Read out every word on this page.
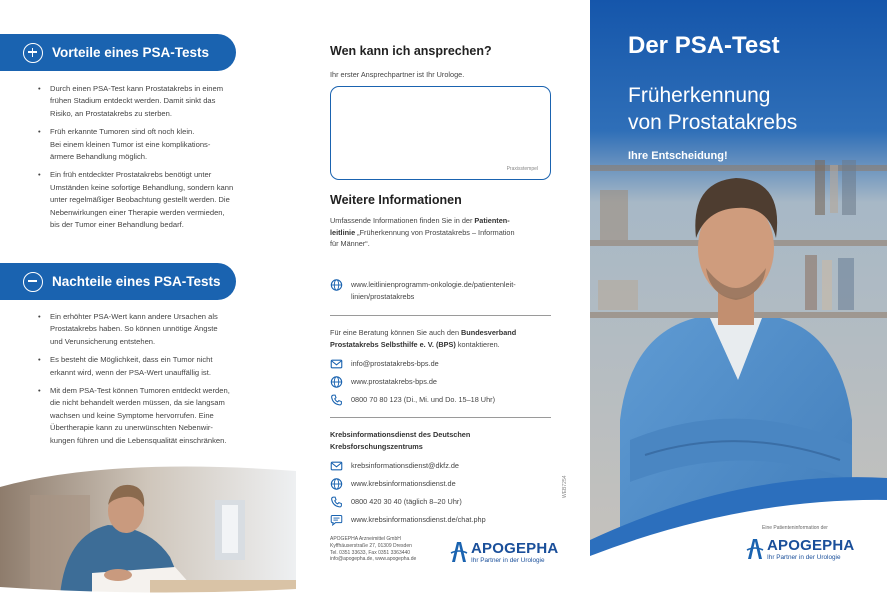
Vorteile eines PSA-Tests
• Durch einen PSA-Test kann Prostatakrebs in einem
frühen Stadium entdeckt werden. Damit sinkt das
Risiko, an Prostatakrebs zu sterben.
• Früh erkannte Tumoren sind oft noch klein.
Bei einem kleinen Tumor ist eine komplikations-
ärmere Behandlung möglich.
• Ein früh entdeckter Prostatakrebs benötigt unter
Umständen keine sofortige Behandlung, sondern kann
unter regelmäßiger Beobachtung gestellt werden. Die
Nebenwirkungen einer Therapie werden vermieden,
bis der Tumor einer Behandlung bedarf.
Nachteile eines PSA-Tests
• Ein erhöhter PSA-Wert kann andere Ursachen als
Prostatakrebs haben. So können unnötige Ängste
und Verunsicherung entstehen.
• Es besteht die Möglichkeit, dass ein Tumor nicht
erkannt wird, wenn der PSA-Wert unauffällig ist.
• Mit dem PSA-Test können Tumoren entdeckt werden,
die nicht behandelt werden müssen, da sie langsam
wachsen und keine Symptome hervorrufen. Eine
Übertherapie kann zu unerwünschten Nebenwir-
kungen führen und die Lebensqualität einschränken.
Wen kann ich ansprechen?
Ihr erster Ansprechpartner ist Ihr Urologe.
Praxisstempel
Weitere Informationen
Umfassende Informationen finden Sie in der Patienten-
leitlinie „Früherkennung von Prostatakrebs – Information
für Männer“.
www.leitlinienprogramm-onkologie.de/patientenleit-
linien/prostatakrebs
Für eine Beratung können Sie auch den Bundesverband
Prostatakrebs Selbsthilfe e. V. (BPS) kontaktieren.
info@prostatakrebs-bps.de
www.prostatakrebs-bps.de
0800 70 80 123 (Di., Mi. und Do. 15–18 Uhr)
Krebsinformationsdienst des Deutschen
Krebsforschungszentrums
krebsinformationsdienst@dkfz.de
www.krebsinformationsdienst.de
0800 420 30 40 (täglich 8–20 Uhr)
www.krebsinformationsdienst.de/chat.php
WEB7254
APOGEPHA Arzneimittel GmbH
Kyffhäuserstraße 27, 01309 Dresden
Tel. 0351 33633, Fax 0351 3363440
info@apogepha.de, www.apogepha.de
APOGEPHA
Ihr Partner in der Urologie
Der PSA-Test
Früherkennung
von Prostatakrebs
Ihre Entscheidung!
Eine Patienteninformation der
APOGEPHA
Ihr Partner in der Urologie
